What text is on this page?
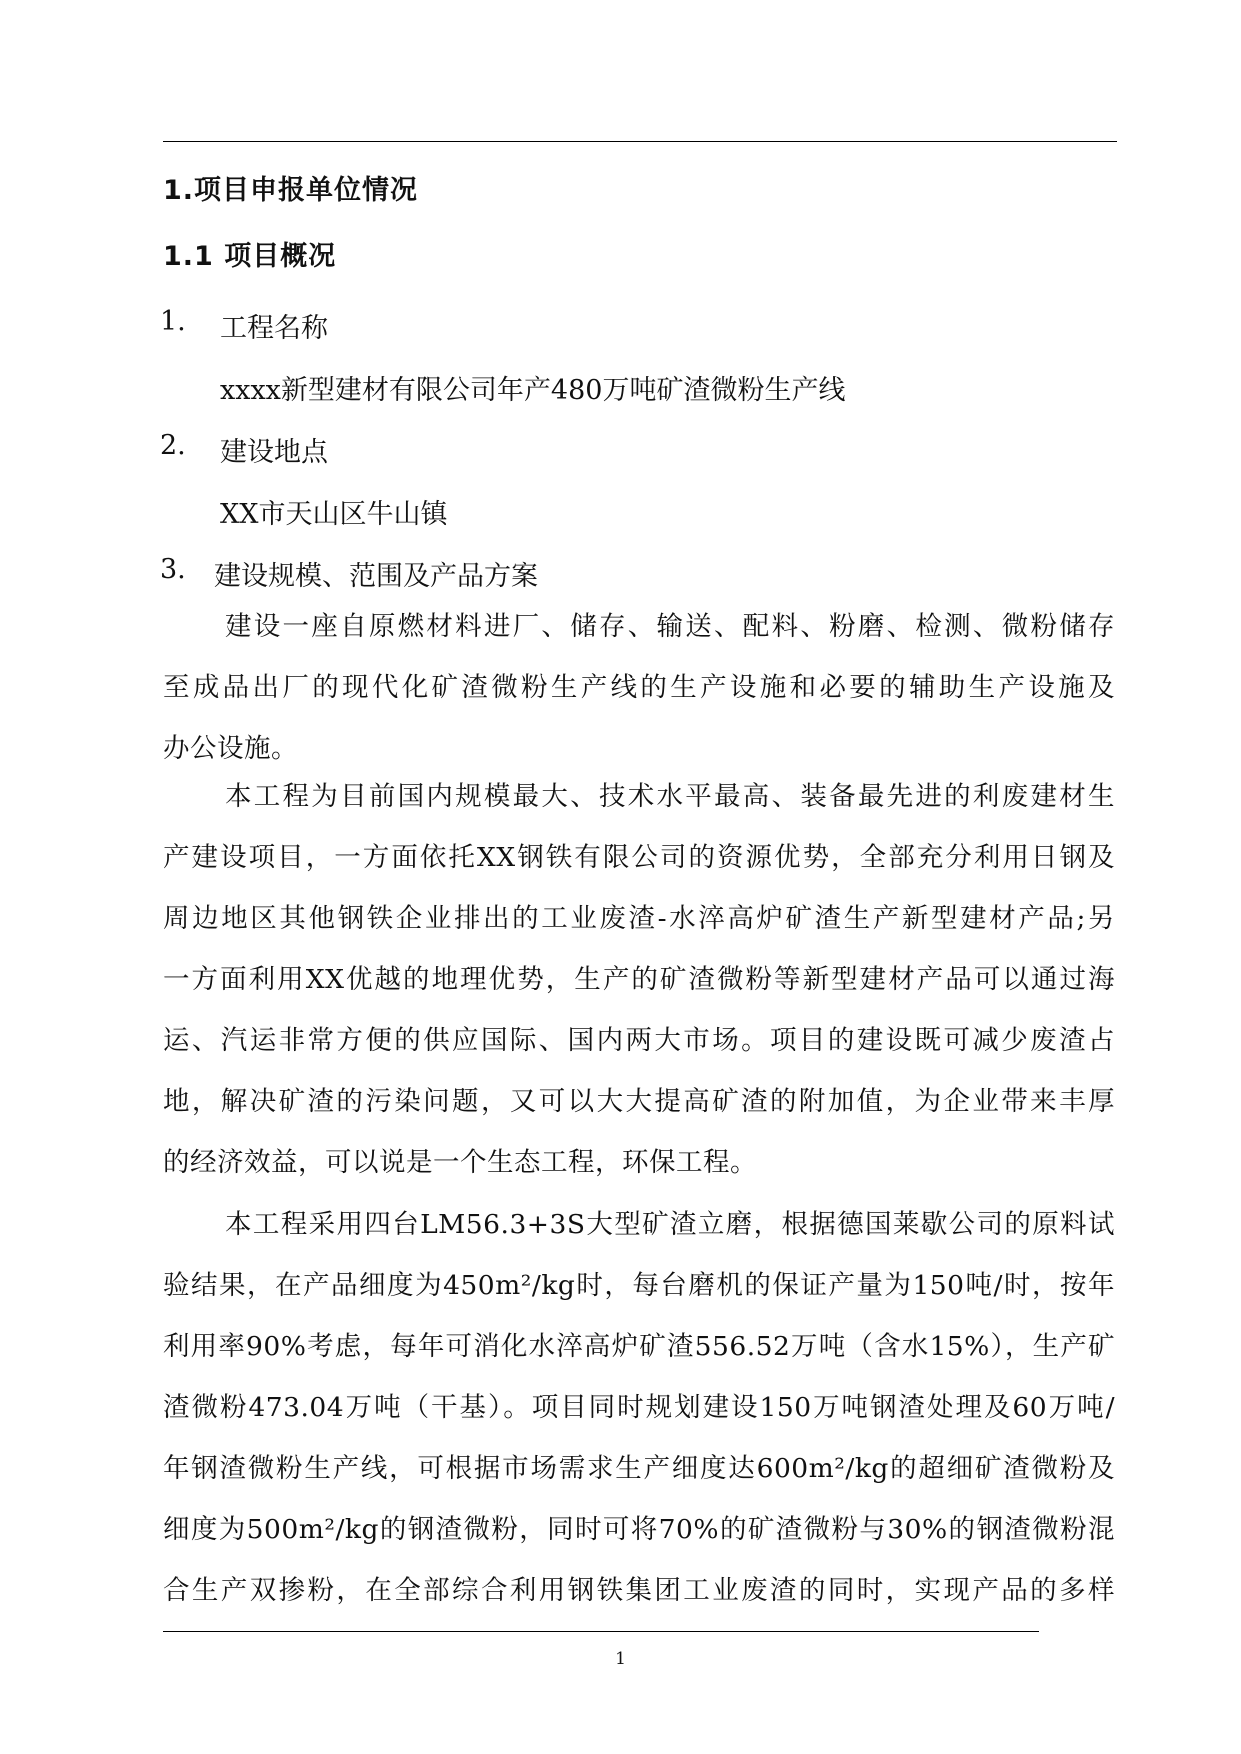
1.项目申报单位情况
1.1 项目概况
1. 工程名称
xxxx新型建材有限公司年产480万吨矿渣微粉生产线
2. 建设地点
XX市天山区牛山镇
3. 建设规模、范围及产品方案
建设一座自原燃材料进厂、储存、输送、配料、粉磨、检测、微粉储存
至成品出厂的现代化矿渣微粉生产线的生产设施和必要的辅助生产设施及
办公设施。
本工程为目前国内规模最大、技术水平最高、装备最先进的利废建材生
产建设项目，一方面依托XX钢铁有限公司的资源优势，全部充分利用日钢及
周边地区其他钢铁企业排出的工业废渣-水淬高炉矿渣生产新型建材产品;另
一方面利用XX优越的地理优势，生产的矿渣微粉等新型建材产品可以通过海
运、汽运非常方便的供应国际、国内两大市场。项目的建设既可减少废渣占
地，解决矿渣的污染问题，又可以大大提高矿渣的附加值，为企业带来丰厚
的经济效益，可以说是一个生态工程，环保工程。
本工程采用四台LM56.3+3S大型矿渣立磨，根据德国莱歇公司的原料试
验结果，在产品细度为450m²/kg时，每台磨机的保证产量为150吨/时，按年
利用率90%考虑，每年可消化水淬高炉矿渣556.52万吨（含水15%），生产矿
渣微粉473.04万吨（干基）。项目同时规划建设150万吨钢渣处理及60万吨/
年钢渣微粉生产线，可根据市场需求生产细度达600m²/kg的超细矿渣微粉及
细度为500m²/kg的钢渣微粉，同时可将70%的矿渣微粉与30%的钢渣微粉混
合生产双掺粉，在全部综合利用钢铁集团工业废渣的同时，实现产品的多样
1
